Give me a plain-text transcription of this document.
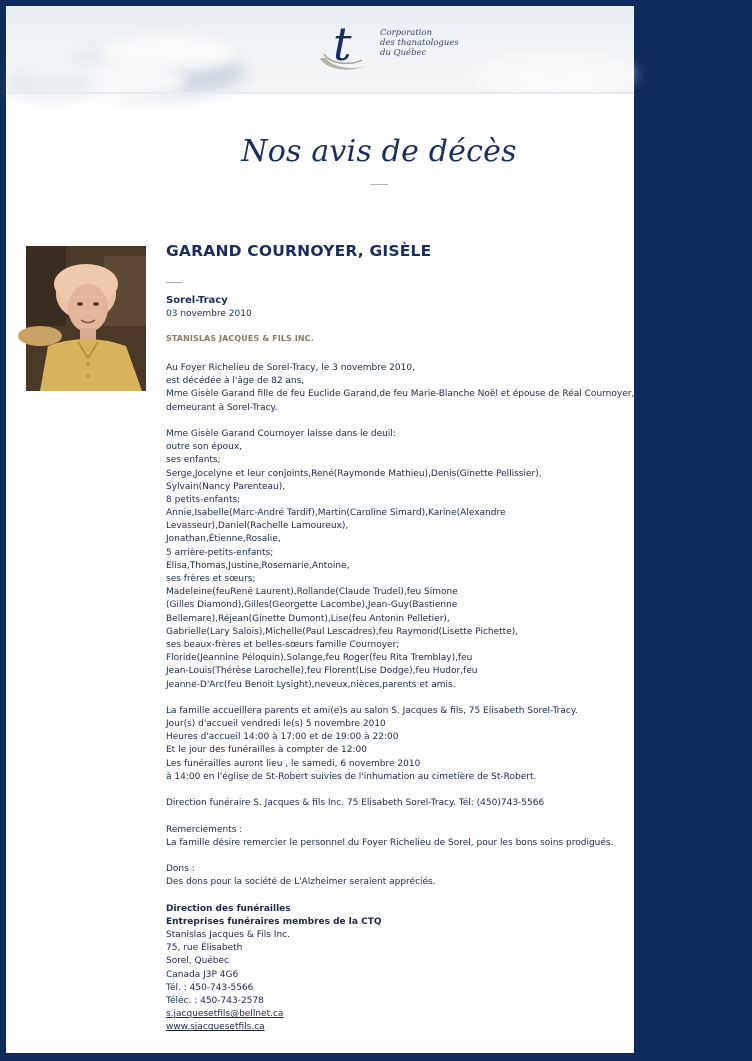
t	Corporation
des thanatologues
du Québec
Nos avis de décès
GARAND COURNOYER, GISÈLE
Sorel-Tracy
03 novembre 2010
STANISLAS JACQUES & FILS INC.
Au Foyer Richelieu de Sorel-Tracy, le 3 novembre 2010,
est décédée à l'âge de 82 ans,
Mme Gisèle Garand fille de feu Euclide Garand,de feu Marie-Blanche Noël et épouse de Réal Cournoyer,
demeurant à Sorel-Tracy.
Mme Gisèle Garand Cournoyer laisse dans le deuil:
outre son époux,
ses enfants;
Serge,Jocelyne et leur conjoints,René(Raymonde Mathieu),Denis(Ginette Pellissier),
Sylvain(Nancy Parenteau),
8 petits-enfants;
Annie,Isabelle(Marc-André Tardif),Martin(Caroline Simard),Karine(Alexandre
Levasseur),Daniel(Rachelle Lamoureux),
Jonathan,Étienne,Rosalie,
5 arrière-petits-enfants;
Elisa,Thomas,Justine,Rosemarie,Antoine,
ses frères et sœurs;
Madeleine(feuRené Laurent),Rollande(Claude Trudel),feu Simone
(Gilles Diamond),Gilles(Georgette Lacombe),Jean-Guy(Bastienne
Bellemare),Réjean(Ginette Dumont),Lise(feu Antonin Pelletier),
Gabrielle(Lary Salois),Michelle(Paul Lescadres),feu Raymond(Lisette Pichette),
ses beaux-frères et belles-sœurs famille Cournoyer;
Floride(Jeannine Péloquin),Solange,feu Roger(feu Rita Tremblay),feu
Jean-Louis(Thérèse Larochelle),feu Florent(Lise Dodge),feu Hudor,feu
Jeanne-D'Arc(feu Benoit Lysight),neveux,nièces,parents et amis.
La famille accueillera parents et ami(e)s au salon S. Jacques & fils, 75 Elisabeth Sorel-Tracy.
Jour(s) d'accueil vendredi le(s) 5 novembre 2010
Heures d'accueil 14:00 à 17:00 et de 19:00 à 22:00
Et le jour des funérailles à compter de 12:00
Les funérailles auront lieu , le samedi, 6 novembre 2010
à 14:00 en l'église de St-Robert suivies de l'inhumation au cimetière de St-Robert.
Direction funéraire S. Jacques & fils Inc. 75 Elisabeth Sorel-Tracy. Tél: (450)743-5566
Remerciements :
La famille désire remercier le personnel du Foyer Richelieu de Sorel, pour les bons soins prodigués.
Dons :
Des dons pour la société de L'Alzheimer seraient appréciés.
Direction des funérailles
Entreprises funéraires membres de la CTQ
Stanislas Jacques & Fils Inc.
75, rue Élisabeth
Sorel, Québec
Canada J3P 4G6
Tél. : 450-743-5566
Téléc. : 450-743-2578
s.jacquesetfils@bellnet.ca
www.sjacquesetfils.ca
.
